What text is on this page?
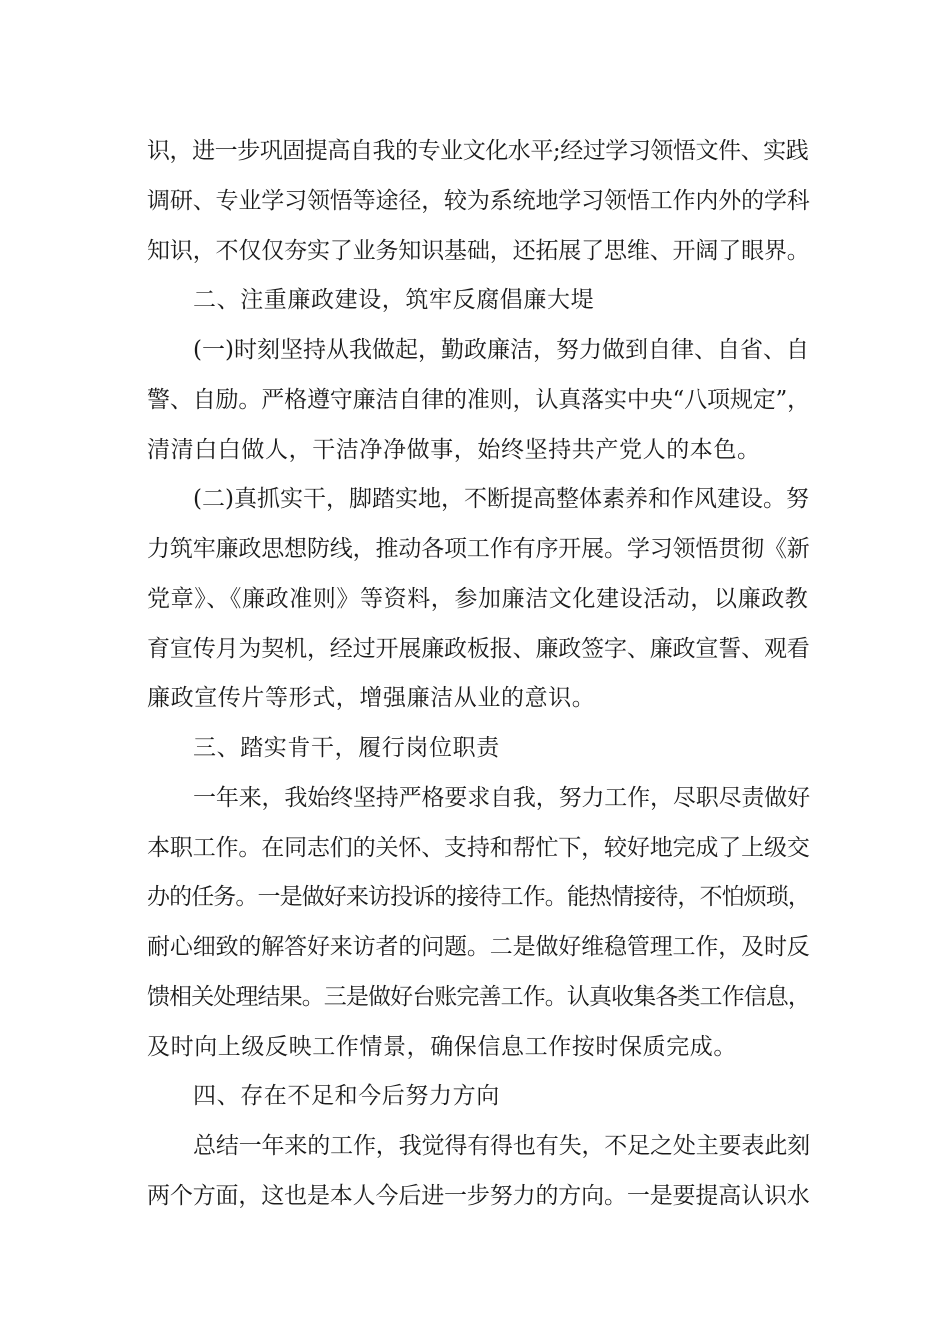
识，进一步巩固提高自我的专业文化水平;经过学习领悟文件、实践

调研、专业学习领悟等途径，较为系统地学习领悟工作内外的学科

知识，不仅仅夯实了业务知识基础，还拓展了思维、开阔了眼界。

二、注重廉政建设，筑牢反腐倡廉大堤

(一)时刻坚持从我做起，勤政廉洁，努力做到自律、自省、自

警、自励。严格遵守廉洁自律的准则，认真落实中央“八项规定”，

清清白白做人，干洁净净做事，始终坚持共产党人的本色。

(二)真抓实干，脚踏实地，不断提高整体素养和作风建设。努

力筑牢廉政思想防线，推动各项工作有序开展。学习领悟贯彻《新

党章》、《廉政准则》等资料，参加廉洁文化建设活动，以廉政教

育宣传月为契机，经过开展廉政板报、廉政签字、廉政宣誓、观看

廉政宣传片等形式，增强廉洁从业的意识。

三、踏实肯干，履行岗位职责

一年来，我始终坚持严格要求自我，努力工作，尽职尽责做好

本职工作。在同志们的关怀、支持和帮忙下，较好地完成了上级交

办的任务。一是做好来访投诉的接待工作。能热情接待，不怕烦琐，

耐心细致的解答好来访者的问题。二是做好维稳管理工作，及时反

馈相关处理结果。三是做好台账完善工作。认真收集各类工作信息，

及时向上级反映工作情景，确保信息工作按时保质完成。

四、存在不足和今后努力方向

总结一年来的工作，我觉得有得也有失，不足之处主要表此刻

两个方面，这也是本人今后进一步努力的方向。一是要提高认识水
